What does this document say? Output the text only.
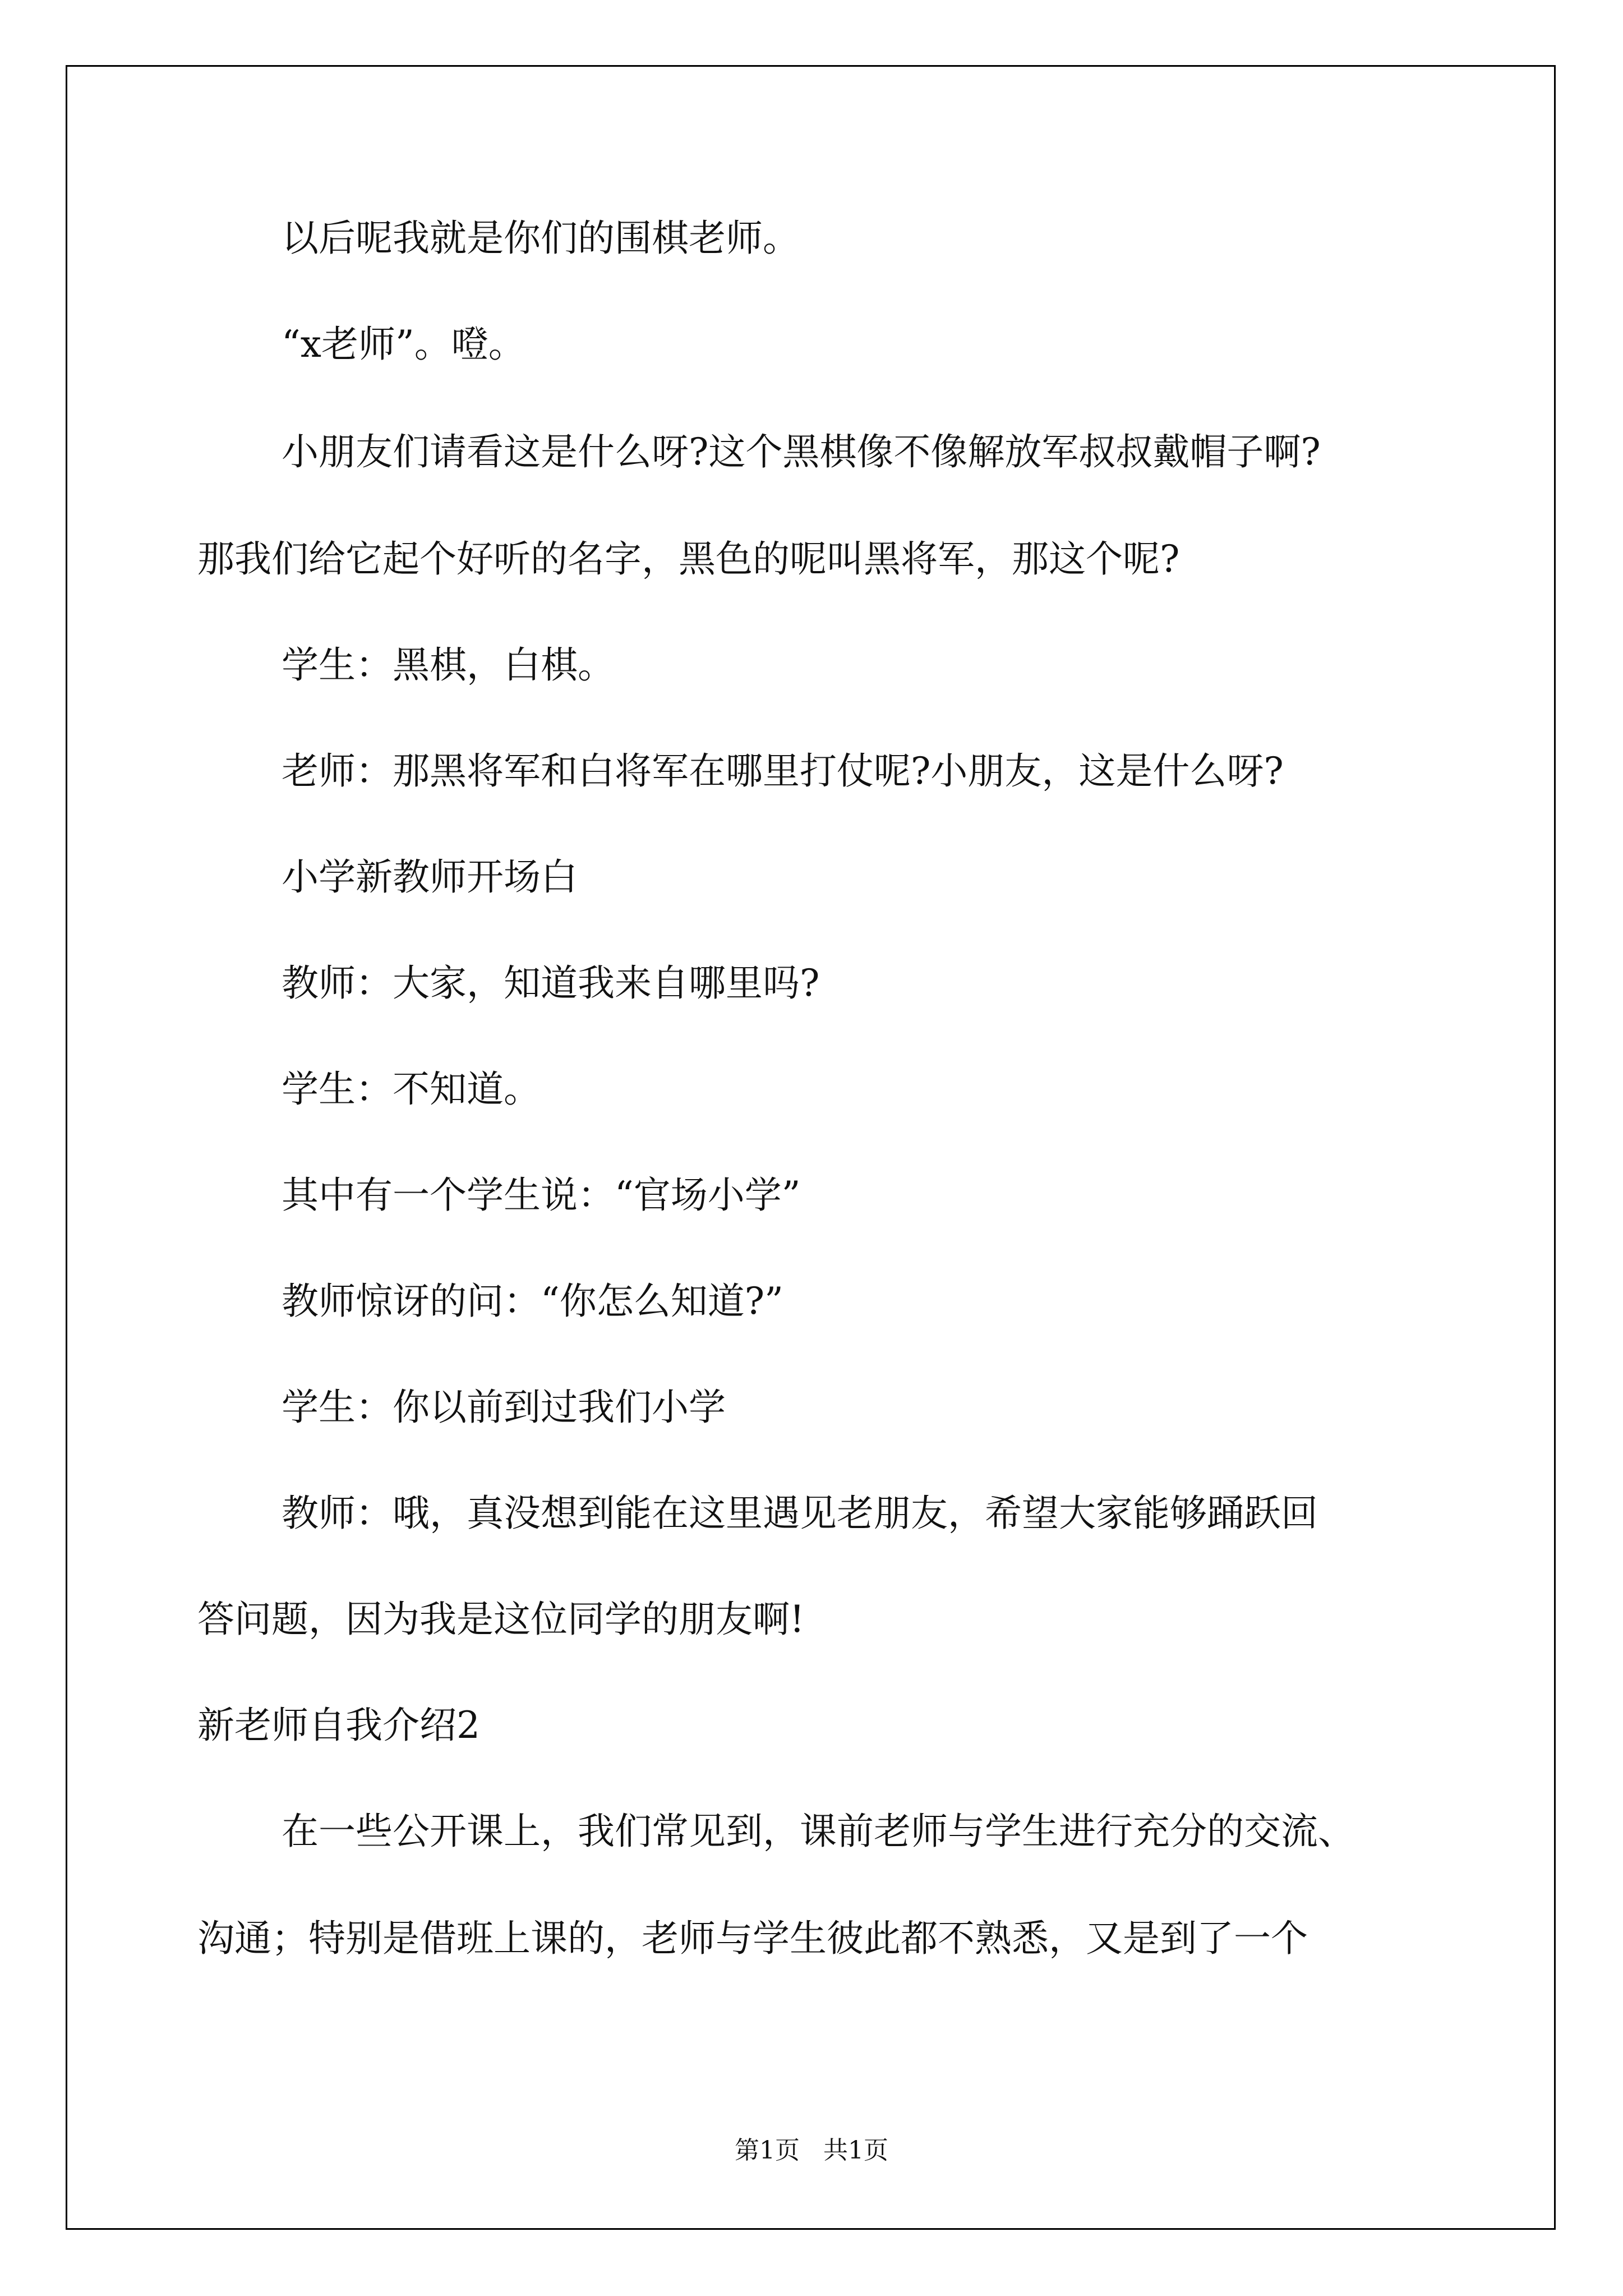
以后呢我就是你们的围棋老师。
“x老师”。噔。
小朋友们请看这是什么呀?这个黑棋像不像解放军叔叔戴帽子啊?
那我们给它起个好听的名字，黑色的呢叫黑将军，那这个呢?
学生：黑棋，白棋。
老师：那黑将军和白将军在哪里打仗呢?小朋友，这是什么呀?
小学新教师开场白
教师：大家，知道我来自哪里吗?
学生：不知道。
其中有一个学生说：“官场小学”
教师惊讶的问：“你怎么知道?”
学生：你以前到过我们小学
教师：哦，真没想到能在这里遇见老朋友，希望大家能够踊跃回
答问题，因为我是这位同学的朋友啊!
新老师自我介绍2
在一些公开课上，我们常见到，课前老师与学生进行充分的交流、
沟通；特别是借班上课的，老师与学生彼此都不熟悉，又是到了一个
第1页   共1页
